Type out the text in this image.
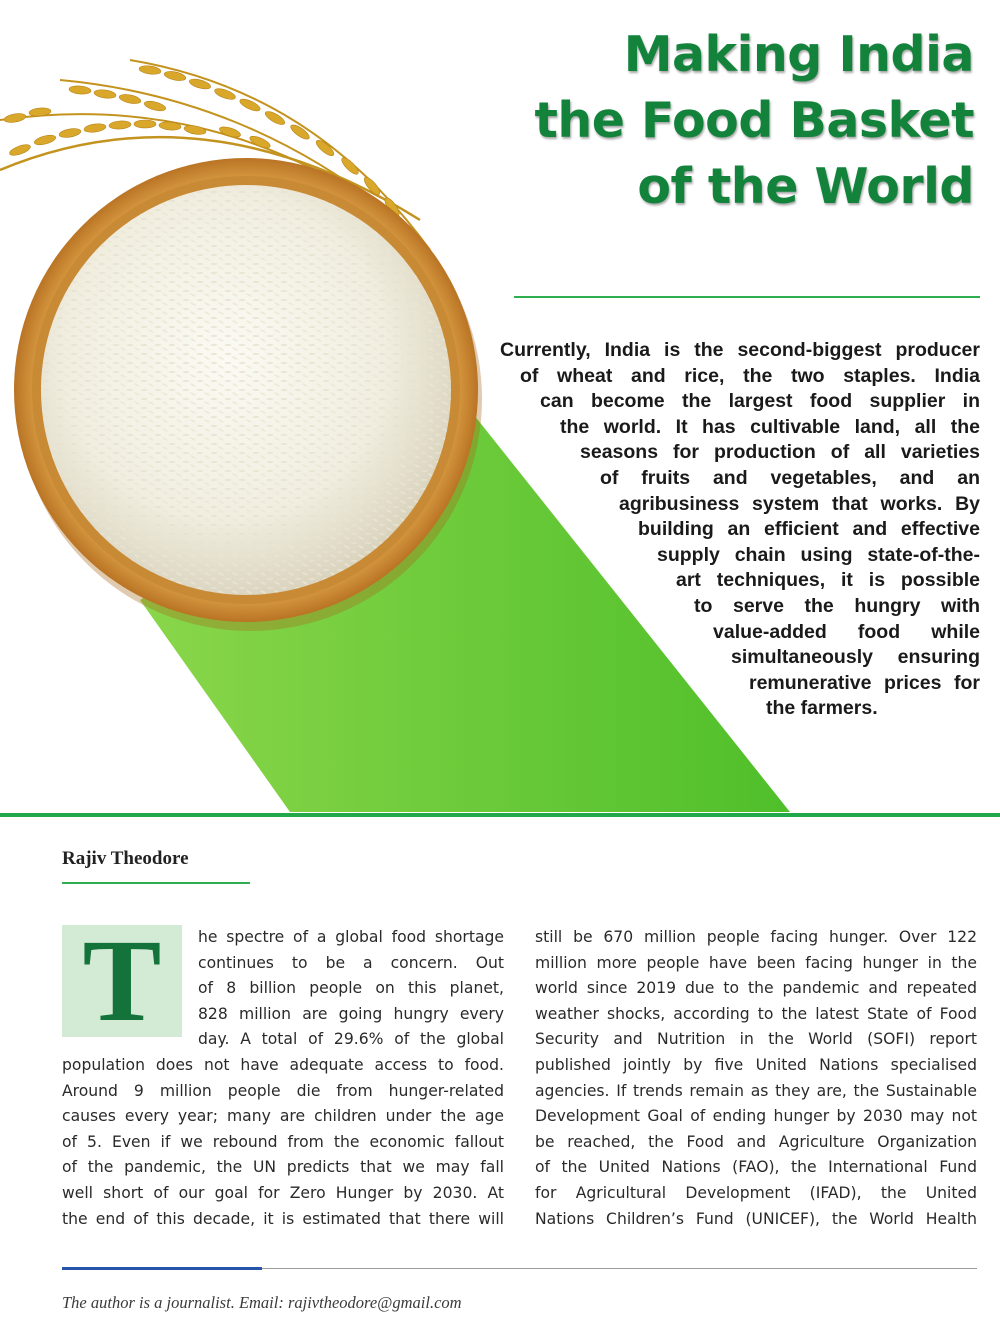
Making India
the Food Basket
of the World
Currently, India is the second-biggest producer
of wheat and rice, the two staples. India
can become the largest food supplier in
the world. It has cultivable land, all the
seasons for production of all varieties
of fruits and vegetables, and an
agribusiness system that works. By
building an efficient and effective
supply chain using state-of-the-
art techniques, it is possible
to serve the hungry with
value-added food while
simultaneously ensuring
remunerative prices for
the farmers.

Rajiv Theodore

T	he spectre of a global food shortage
continues to be a concern. Out
of 8 billion people on this planet,
828 million are going hungry every
day. A total of 29.6% of the global
population does not have adequate access to food.
Around 9 million people die from hunger-related
causes every year; many are children under the age
of 5. Even if we rebound from the economic fallout
of the pandemic, the UN predicts that we may fall
well short of our goal for Zero Hunger by 2030. At
the end of this decade, it is estimated that there will
still be 670 million people facing hunger. Over 122
million more people have been facing hunger in the
world since 2019 due to the pandemic and repeated
weather shocks, according to the latest State of Food
Security and Nutrition in the World (SOFI) report
published jointly by five United Nations specialised
agencies. If trends remain as they are, the Sustainable
Development Goal of ending hunger by 2030 may not
be reached, the Food and Agriculture Organization
of the United Nations (FAO), the International Fund
for Agricultural Development (IFAD), the United
Nations Children’s Fund (UNICEF), the World Health

The author is a journalist. Email: rajivtheodore@gmail.com
